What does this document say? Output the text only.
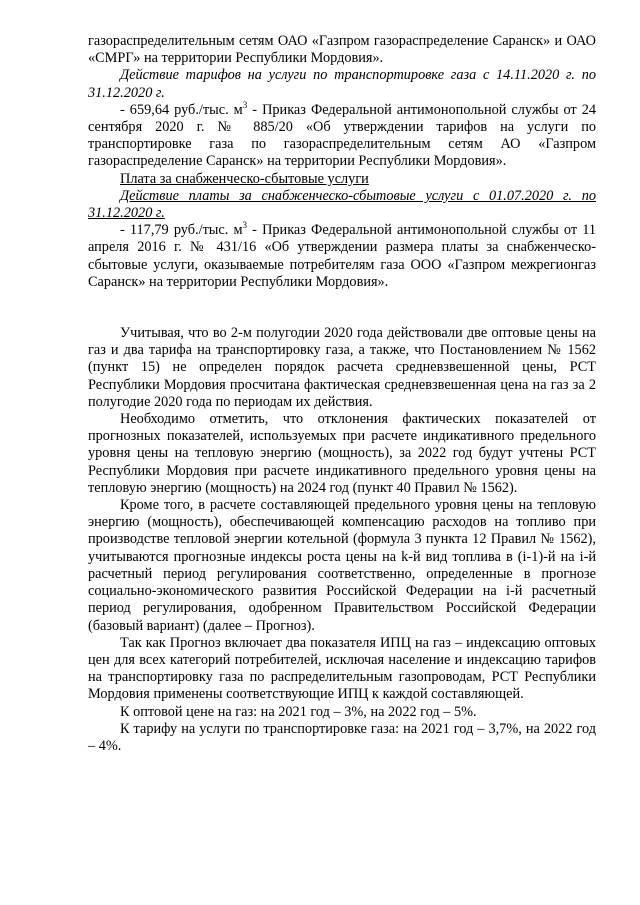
газораспределительным сетям ОАО «Газпром газораспределение Саранск» и ОАО «СМРГ» на территории Республики Мордовия».

Действие тарифов на услуги по транспортировке газа с 14.11.2020 г. по 31.12.2020 г.

- 659,64 руб./тыс. $м^3$ - Приказ Федеральной антимонопольной службы от 24 сентября 2020 г. № 885/20 «Об утверждении тарифов на услуги по транспортировке газа по газораспределительным сетям АО «Газпром газораспределение Саранск» на территории Республики Мордовия».

Плата за снабженческо-сбытовые услуги

Действие платы за снабженческо-сбытовые услуги с 01.07.2020 г. по 31.12.2020 г.

- 117,79 руб./тыс. $м^3$ - Приказ Федеральной антимонопольной службы от 11 апреля 2016 г. № 431/16 «Об утверждении размера платы за снабженческо-сбытовые услуги, оказываемые потребителям газа ООО «Газпром межрегионгаз Саранск» на территории Республики Мордовия».

Учитывая, что во 2-м полугодии 2020 года действовали две оптовые цены на газ и два тарифа на транспортировку газа, а также, что Постановлением № 1562 (пункт 15) не определен порядок расчета средневзвешенной цены, РСТ Республики Мордовия просчитана фактическая средневзвешенная цена на газ за 2 полугодие 2020 года по периодам их действия.

Необходимо отметить, что отклонения фактических показателей от прогнозных показателей, используемых при расчете индикативного предельного уровня цены на тепловую энергию (мощность), за 2022 год будут учтены РСТ Республики Мордовия при расчете индикативного предельного уровня цены на тепловую энергию (мощность) на 2024 год (пункт 40 Правил № 1562).

Кроме того, в расчете составляющей предельного уровня цены на тепловую энергию (мощность), обеспечивающей компенсацию расходов на топливо при производстве тепловой энергии котельной (формула 3 пункта 12 Правил № 1562), учитываются прогнозные индексы роста цены на k-й вид топлива в (i-1)-й на i-й расчетный период регулирования соответственно, определенные в прогнозе социально-экономического развития Российской Федерации на i-й расчетный период регулирования, одобренном Правительством Российской Федерации (базовый вариант) (далее – Прогноз).

Так как Прогноз включает два показателя ИПЦ на газ – индексацию оптовых цен для всех категорий потребителей, исключая население и индексацию тарифов на транспортировку газа по распределительным газопроводам, РСТ Республики Мордовия применены соответствующие ИПЦ к каждой составляющей.

К оптовой цене на газ: на 2021 год – 3%, на 2022 год – 5%.

К тарифу на услуги по транспортировке газа: на 2021 год – 3,7%, на 2022 год – 4%.
